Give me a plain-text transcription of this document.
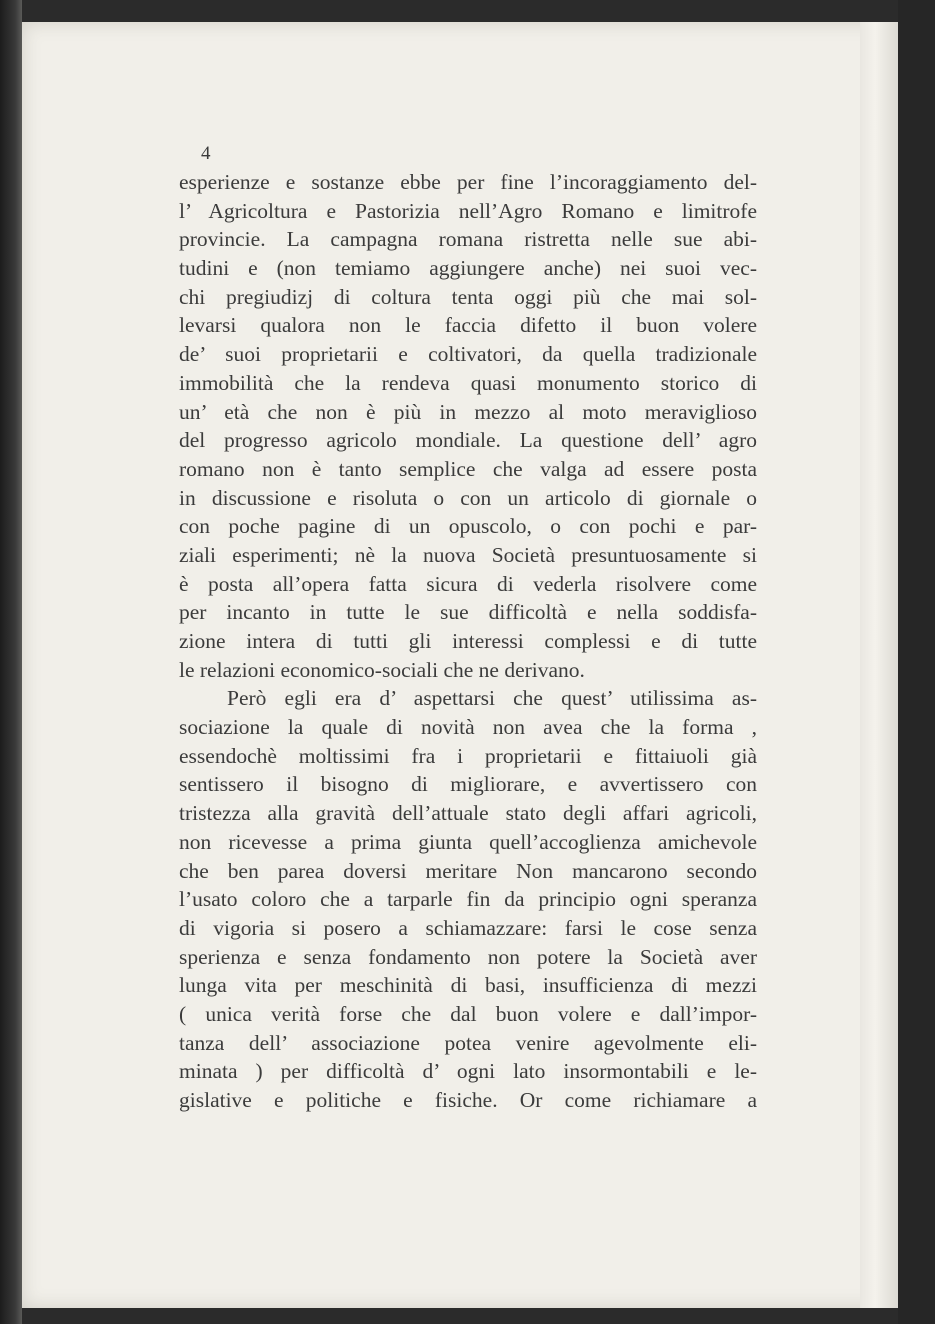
4
esperienze e sostanze ebbe per fine l’incoraggiamento del-
l’ Agricoltura e Pastorizia nell’Agro Romano e limitrofe
provincie. La campagna romana ristretta nelle sue abi-
tudini e (non temiamo aggiungere anche) nei suoi vec-
chi pregiudizj di coltura tenta oggi più che mai sol-
levarsi qualora non le faccia difetto il buon volere
de’ suoi proprietarii e coltivatori, da quella tradizionale
immobilità che la rendeva quasi monumento storico di
un’ età che non è più in mezzo al moto meraviglioso
del progresso agricolo mondiale. La questione dell’ agro
romano non è tanto semplice che valga ad essere posta
in discussione e risoluta o con un articolo di giornale o
con poche pagine di un opuscolo, o con pochi e par-
ziali esperimenti; nè la nuova Società presuntuosamente si
è posta all’opera fatta sicura di vederla risolvere come
per incanto in tutte le sue difficoltà e nella soddisfa-
zione intera di tutti gli interessi complessi e di tutte
le relazioni economico-sociali che ne derivano.
Però egli era d’ aspettarsi che quest’ utilissima as-
sociazione la quale di novità non avea che la forma ,
essendochè moltissimi fra i proprietarii e fittaiuoli già
sentissero il bisogno di migliorare, e avvertissero con
tristezza alla gravità dell’attuale stato degli affari agricoli,
non ricevesse a prima giunta quell’accoglienza amichevole
che ben parea doversi meritare Non mancarono secondo
l’usato coloro che a tarparle fin da principio ogni speranza
di vigoria si posero a schiamazzare: farsi le cose senza
sperienza e senza fondamento non potere la Società aver
lunga vita per meschinità di basi, insufficienza di mezzi
( unica verità forse che dal buon volere e dall’impor-
tanza dell’ associazione potea venire agevolmente eli-
minata ) per difficoltà d’ ogni lato insormontabili e le-
gislative e politiche e fisiche. Or come richiamare a
